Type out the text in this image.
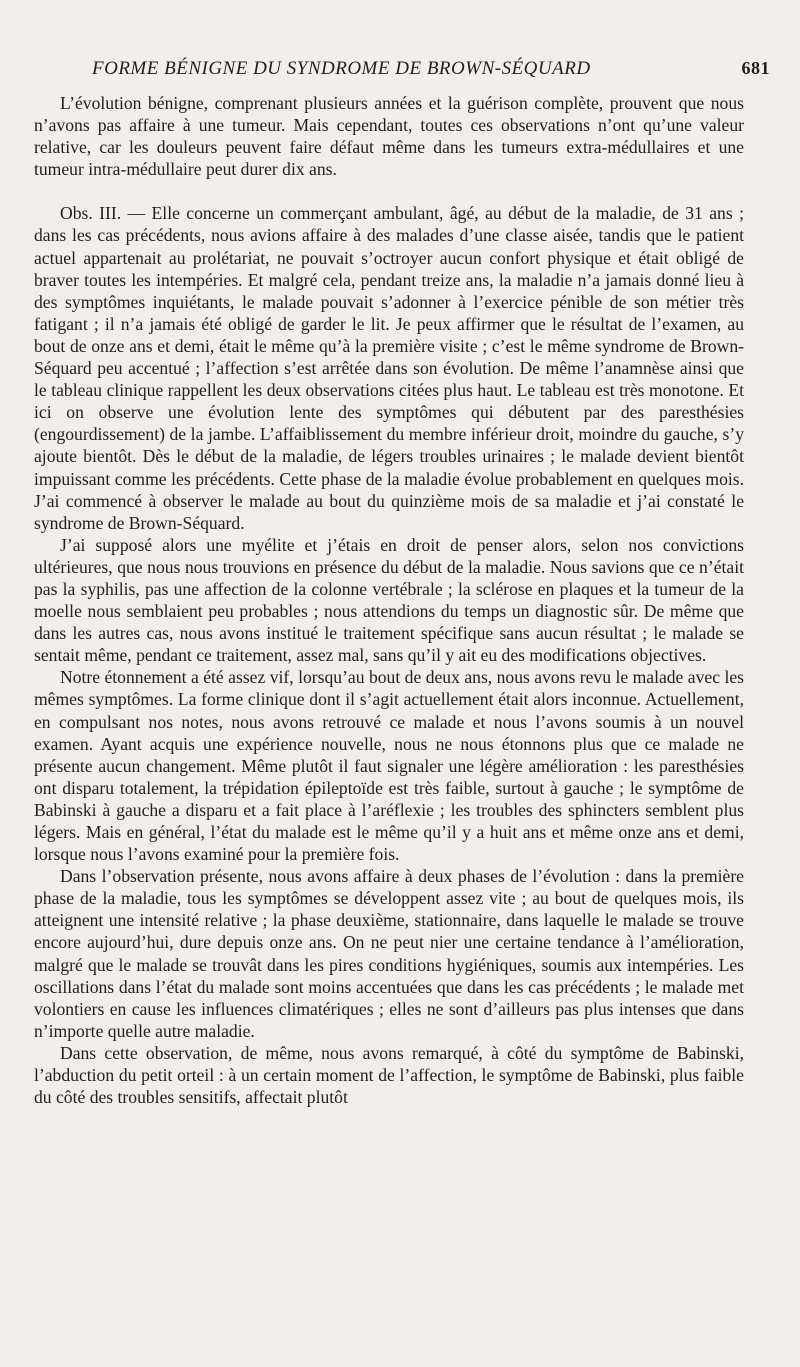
FORME BÉNIGNE DU SYNDROME DE BROWN-SÉQUARD	681

L’évolution bénigne, comprenant plusieurs années et la guérison complète, prouvent que nous n’avons pas affaire à une tumeur. Mais cependant, toutes ces observations n’ont qu’une valeur relative, car les douleurs peuvent faire défaut même dans les tumeurs extra-médullaires et une tumeur intra-médullaire peut durer dix ans.

Obs. III. — Elle concerne un commerçant ambulant, âgé, au début de la maladie, de 31 ans ; dans les cas précédents, nous avions affaire à des malades d’une classe aisée, tandis que le patient actuel appartenait au prolétariat, ne pouvait s’octroyer aucun confort physique et était obligé de braver toutes les intempéries. Et malgré cela, pendant treize ans, la maladie n’a jamais donné lieu à des symptômes inquiétants, le malade pouvait s’adonner à l’exercice pénible de son métier très fatigant ; il n’a jamais été obligé de garder le lit. Je peux affirmer que le résultat de l’examen, au bout de onze ans et demi, était le même qu’à la première visite ; c’est le même syndrome de Brown-Séquard peu accentué ; l’affection s’est arrêtée dans son évolution. De même l’anamnèse ainsi que le tableau clinique rappellent les deux observations citées plus haut. Le tableau est très monotone. Et ici on observe une évolution lente des symptômes qui débutent par des paresthésies (engourdissement) de la jambe. L’affaiblissement du membre inférieur droit, moindre du gauche, s’y ajoute bientôt. Dès le début de la maladie, de légers troubles urinaires ; le malade devient bientôt impuissant comme les précédents. Cette phase de la maladie évolue probablement en quelques mois. J’ai commencé à observer le malade au bout du quinzième mois de sa maladie et j’ai constaté le syndrome de Brown-Séquard.

J’ai supposé alors une myélite et j’étais en droit de penser alors, selon nos convictions ultérieures, que nous nous trouvions en présence du début de la maladie. Nous savions que ce n’était pas la syphilis, pas une affection de la colonne vertébrale ; la sclérose en plaques et la tumeur de la moelle nous semblaient peu probables ; nous attendions du temps un diagnostic sûr. De même que dans les autres cas, nous avons institué le traitement spécifique sans aucun résultat ; le malade se sentait même, pendant ce traitement, assez mal, sans qu’il y ait eu des modifications objectives.

Notre étonnement a été assez vif, lorsqu’au bout de deux ans, nous avons revu le malade avec les mêmes symptômes. La forme clinique dont il s’agit actuellement était alors inconnue. Actuellement, en compulsant nos notes, nous avons retrouvé ce malade et nous l’avons soumis à un nouvel examen. Ayant acquis une expérience nouvelle, nous ne nous étonnons plus que ce malade ne présente aucun changement. Même plutôt il faut signaler une légère amélioration : les paresthésies ont disparu totalement, la trépidation épileptoïde est très faible, surtout à gauche ; le symptôme de Babinski à gauche a disparu et a fait place à l’aréflexie ; les troubles des sphincters semblent plus légers. Mais en général, l’état du malade est le même qu’il y a huit ans et même onze ans et demi, lorsque nous l’avons examiné pour la première fois.

Dans l’observation présente, nous avons affaire à deux phases de l’évolution : dans la première phase de la maladie, tous les symptômes se développent assez vite ; au bout de quelques mois, ils atteignent une intensité relative ; la phase deuxième, stationnaire, dans laquelle le malade se trouve encore aujourd’hui, dure depuis onze ans. On ne peut nier une certaine tendance à l’amélioration, malgré que le malade se trouvât dans les pires conditions hygiéniques, soumis aux intempéries. Les oscillations dans l’état du malade sont moins accentuées que dans les cas précédents ; le malade met volontiers en cause les influences climatériques ; elles ne sont d’ailleurs pas plus intenses que dans n’importe quelle autre maladie.

Dans cette observation, de même, nous avons remarqué, à côté du symptôme de Babinski, l’abduction du petit orteil : à un certain moment de l’affection, le symptôme de Babinski, plus faible du côté des troubles sensitifs, affectait plutôt
